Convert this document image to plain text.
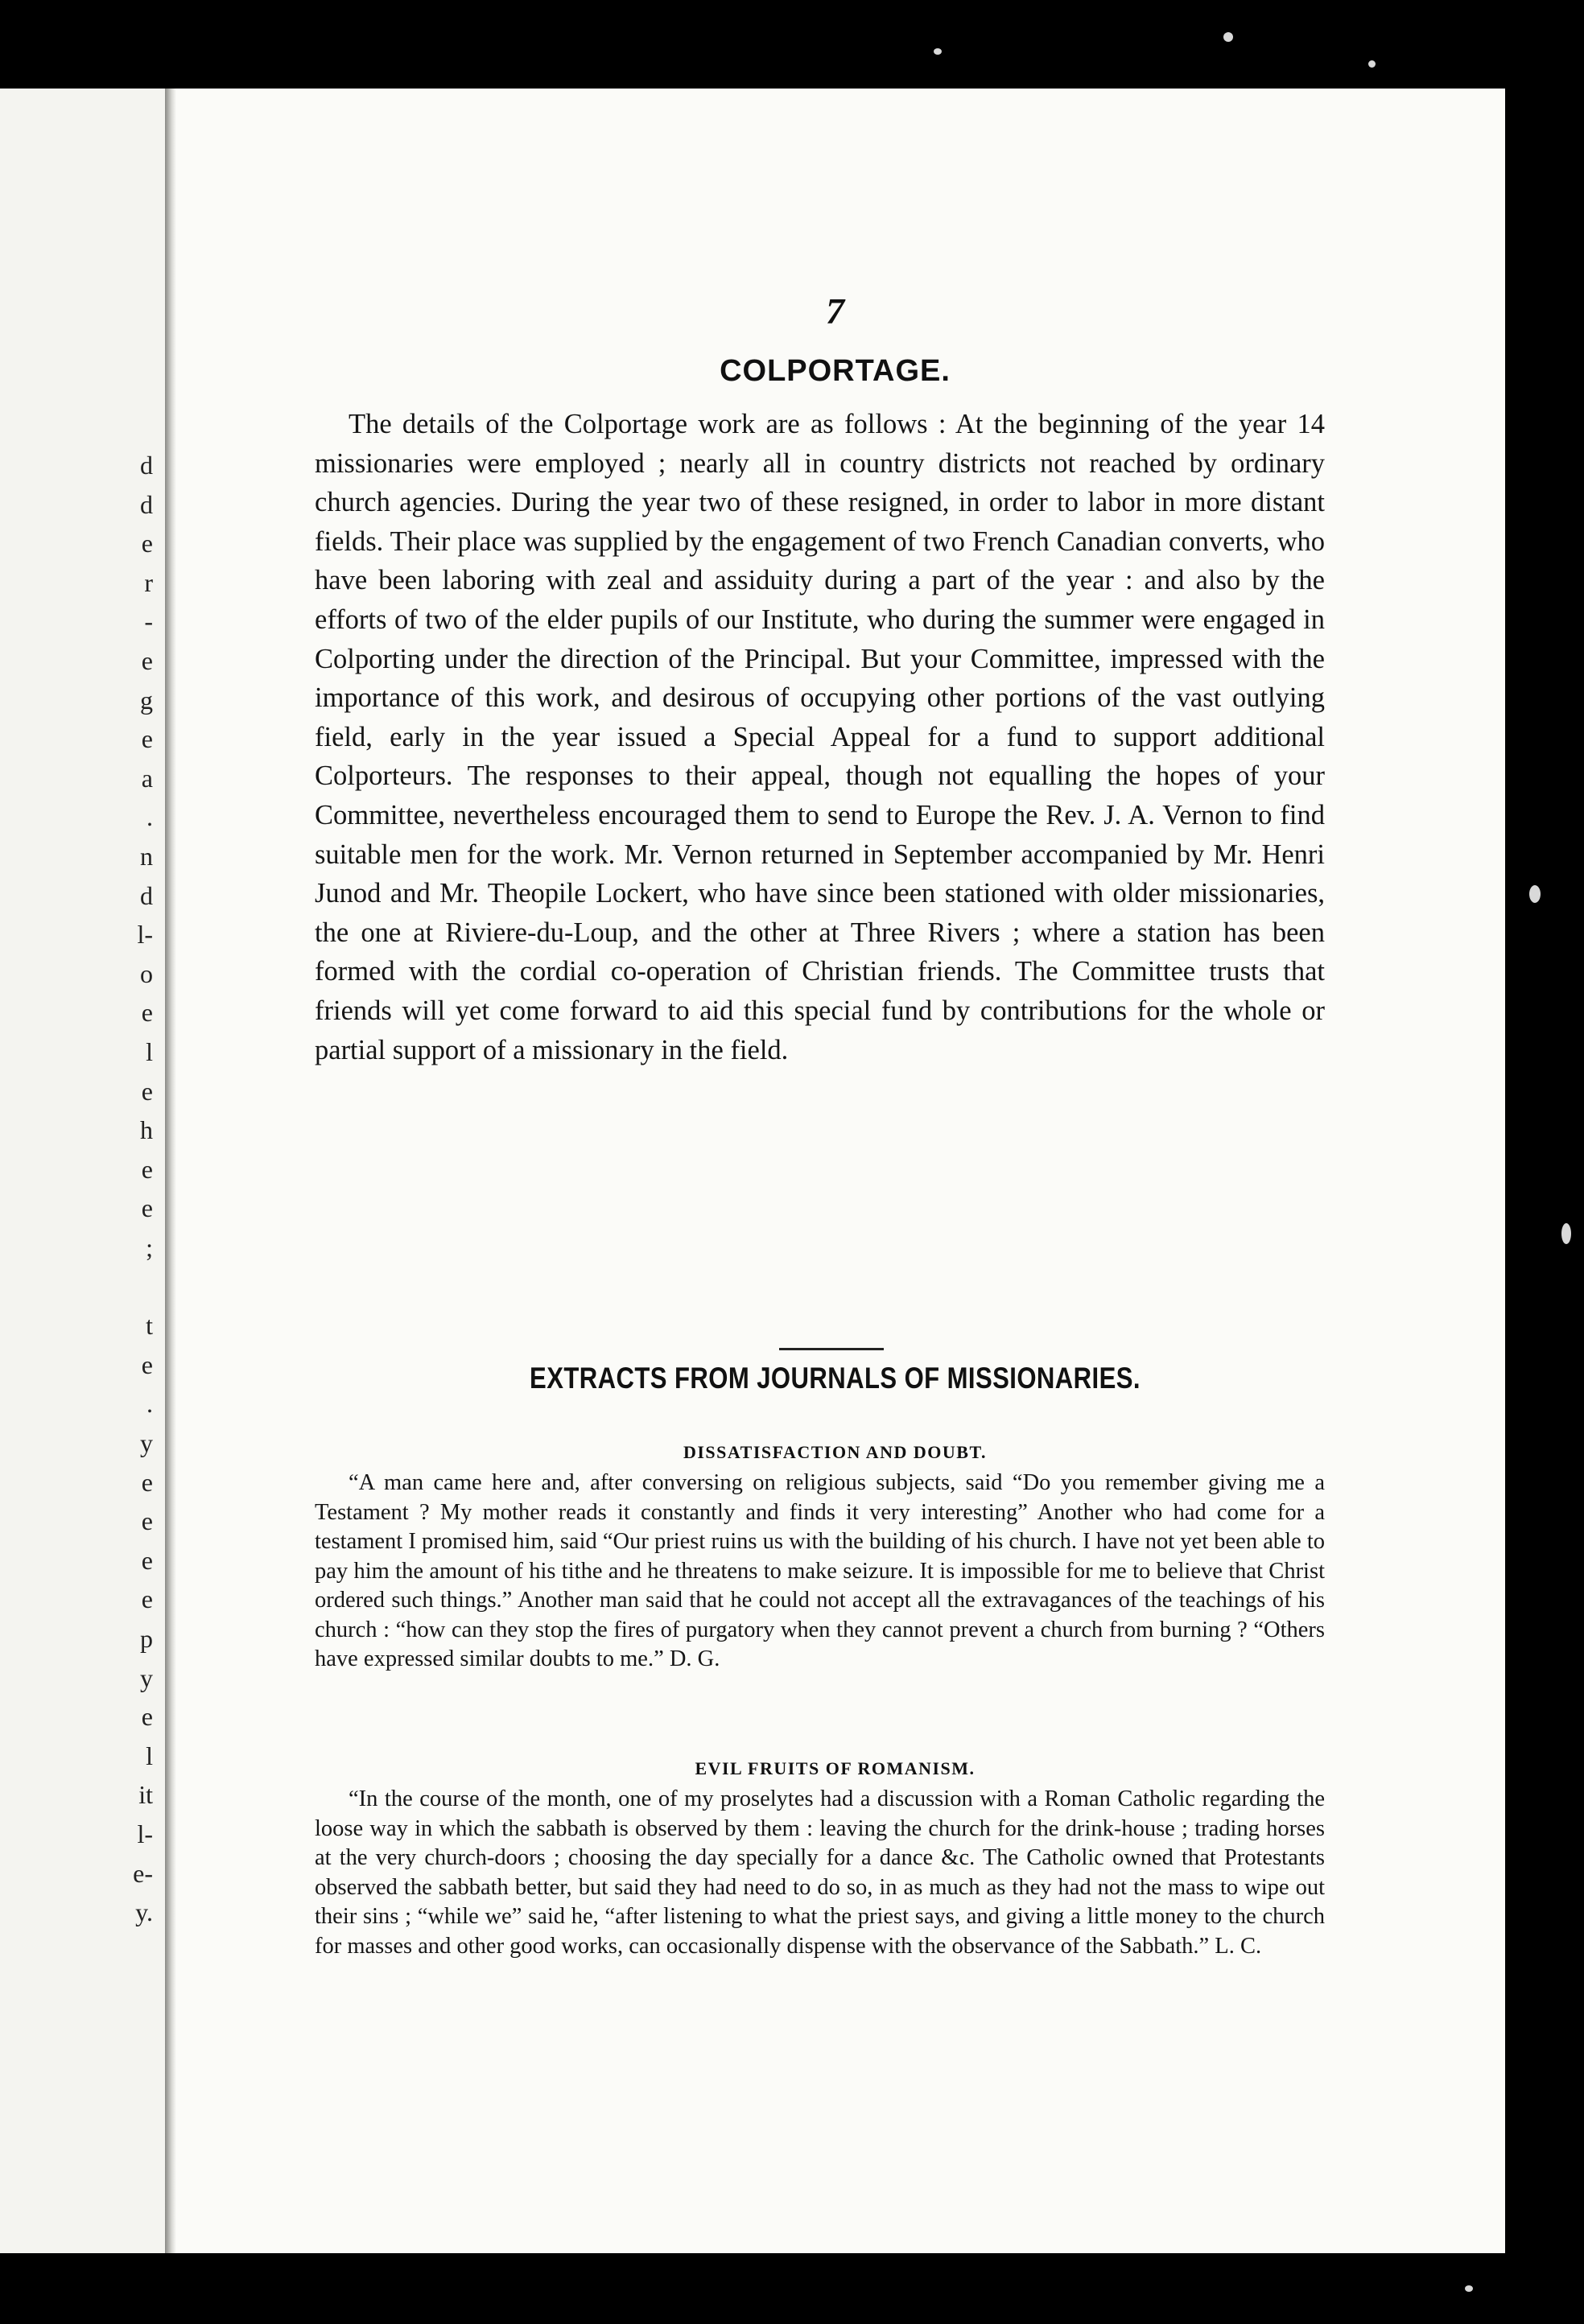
d
d
e
r
-
e
g
e
a
.
n
d
l-
o
e
l
e
h
e
e
;
t
e
.
y
e
e
e
e
p
y
e
l
it
l-
e-
y.
7
COLPORTAGE.

The details of the Colportage work are as follows : At the beginning of the year 14 missionaries were employed ; nearly all in country districts not reached by ordinary church agencies. During the year two of these resigned, in order to labor in more distant fields. Their place was supplied by the engagement of two French Canadian converts, who have been laboring with zeal and assiduity during a part of the year : and also by the efforts of two of the elder pupils of our Institute, who during the summer were engaged in Colporting under the direction of the Principal. But your Committee, impressed with the importance of this work, and desirous of occupying other portions of the vast outlying field, early in the year issued a Special Appeal for a fund to support additional Colporteurs. The responses to their appeal, though not equalling the hopes of your Committee, nevertheless encouraged them to send to Europe the Rev. J. A. Vernon to find suitable men for the work. Mr. Vernon returned in September accompanied by Mr. Henri Junod and Mr. Theopile Lockert, who have since been stationed with older missionaries, the one at Riviere-du-Loup, and the other at Three Rivers ; where a station has been formed with the cordial co-operation of Christian friends. The Committee trusts that friends will yet come forward to aid this special fund by contributions for the whole or partial support of a missionary in the field.

EXTRACTS FROM JOURNALS OF MISSIONARIES.
DISSATISFACTION AND DOUBT.

“A man came here and, after conversing on religious subjects, said “Do you remember giving me a Testament ? My mother reads it constantly and finds it very interesting” Another who had come for a testament I promised him, said “Our priest ruins us with the building of his church. I have not yet been able to pay him the amount of his tithe and he threatens to make seizure. It is impossible for me to believe that Christ ordered such things.” Another man said that he could not accept all the extravagances of the teachings of his church : “how can they stop the fires of purgatory when they cannot prevent a church from burning ? “Others have expressed similar doubts to me.” D. G.

EVIL FRUITS OF ROMANISM.

“In the course of the month, one of my proselytes had a discussion with a Roman Catholic regarding the loose way in which the sabbath is observed by them : leaving the church for the drink-house ; trading horses at the very church-doors ; choosing the day specially for a dance &c. The Catholic owned that Protestants observed the sabbath better, but said they had need to do so, in as much as they had not the mass to wipe out their sins ; “while we” said he, “after listening to what the priest says, and giving a little money to the church for masses and other good works, can occasionally dispense with the observance of the Sabbath.” L. C.
